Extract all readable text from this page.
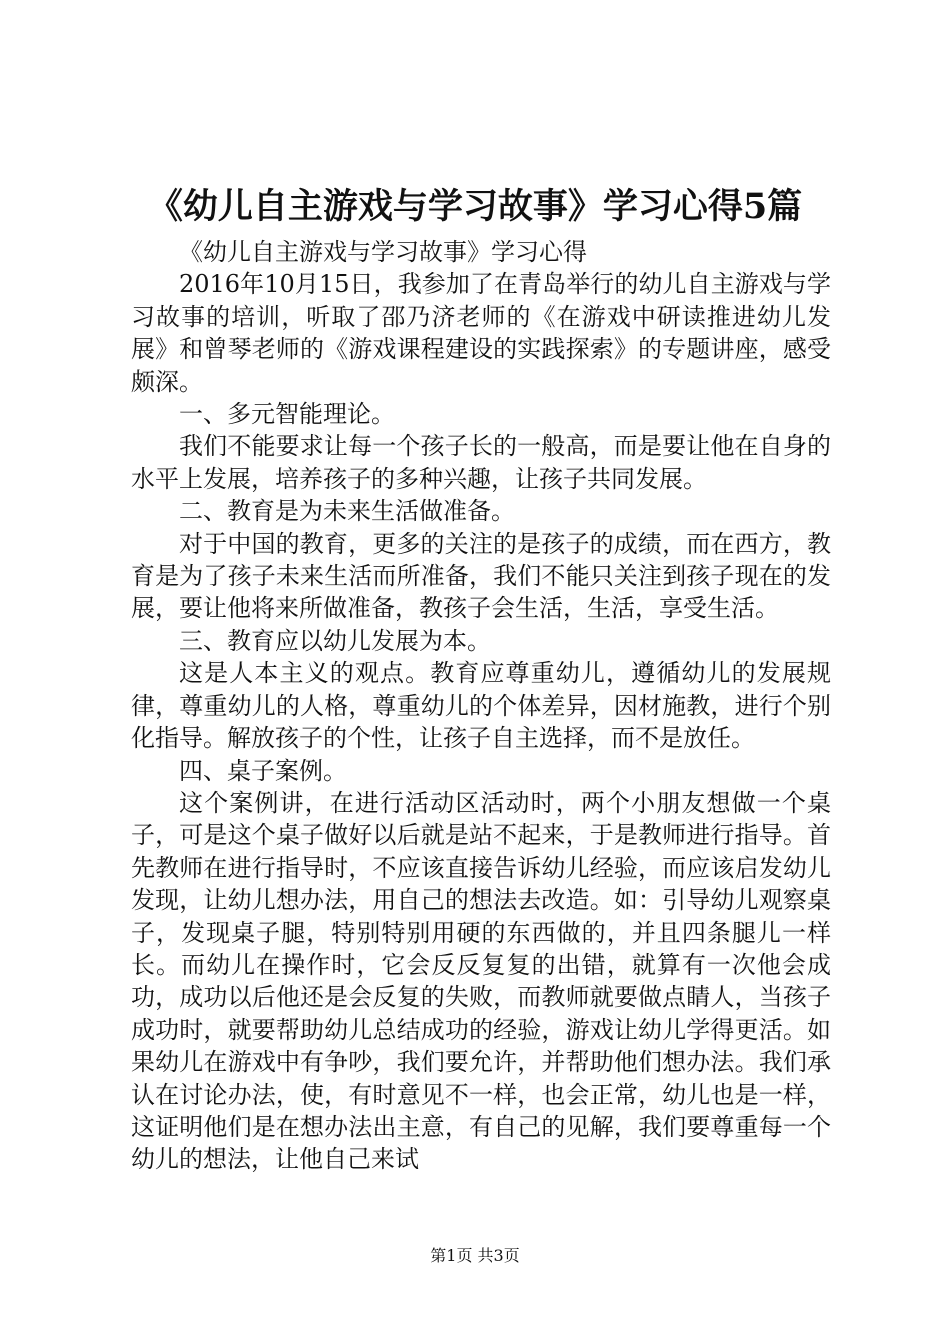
《幼儿自主游戏与学习故事》学习心得5篇

《幼儿自主游戏与学习故事》学习心得

2016年10月15日，我参加了在青岛举行的幼儿自主游戏与学习故事的培训，听取了邵乃济老师的《在游戏中研读推进幼儿发展》和曾琴老师的《游戏课程建设的实践探索》的专题讲座，感受颇深。

一、多元智能理论。

我们不能要求让每一个孩子长的一般高，而是要让他在自身的水平上发展，培养孩子的多种兴趣，让孩子共同发展。

二、教育是为未来生活做准备。

对于中国的教育，更多的关注的是孩子的成绩，而在西方，教育是为了孩子未来生活而所准备，我们不能只关注到孩子现在的发展，要让他将来所做准备，教孩子会生活，生活，享受生活。

三、教育应以幼儿发展为本。

这是人本主义的观点。教育应尊重幼儿，遵循幼儿的发展规律，尊重幼儿的人格，尊重幼儿的个体差异，因材施教，进行个别化指导。解放孩子的个性，让孩子自主选择，而不是放任。

四、桌子案例。

这个案例讲，在进行活动区活动时，两个小朋友想做一个桌子，可是这个桌子做好以后就是站不起来，于是教师进行指导。首先教师在进行指导时，不应该直接告诉幼儿经验，而应该启发幼儿发现，让幼儿想办法，用自己的想法去改造。如：引导幼儿观察桌子，发现桌子腿，特别特别用硬的东西做的，并且四条腿儿一样长。而幼儿在操作时，它会反反复复的出错，就算有一次他会成功，成功以后他还是会反复的失败，而教师就要做点睛人，当孩子成功时，就要帮助幼儿总结成功的经验，游戏让幼儿学得更活。如果幼儿在游戏中有争吵，我们要允许，并帮助他们想办法。我们承认在讨论办法，使，有时意见不一样，也会正常，幼儿也是一样，这证明他们是在想办法出主意，有自己的见解，我们要尊重每一个幼儿的想法，让他自己来试

第1页 共3页
